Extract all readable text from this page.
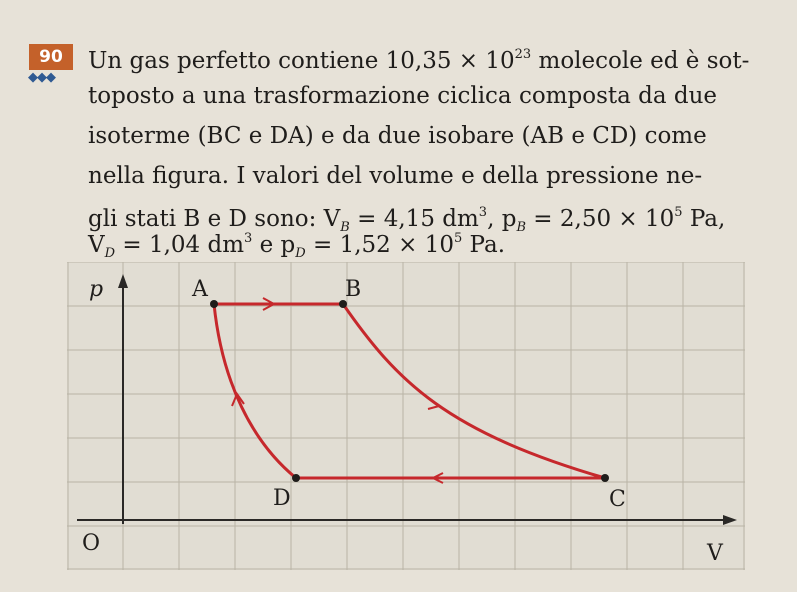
90
◆◆◆
Un gas perfetto contiene $10,35 \times 10^{23}$ molecole ed è sot-
toposto a una trasformazione ciclica composta da due
isoterme (BC e DA) e da due isobare (AB e CD) come
nella figura. I valori del volume e della pressione ne-
gli stati B e D sono: $V_B = 4,15$ $dm^3$, $p_B = 2,50 \times 10^5$ Pa,
$V_D = 1,04$ $dm^3$ e $p_D = 1,52 \times 10^5$ Pa.
p
O	V
A	B
C
D
